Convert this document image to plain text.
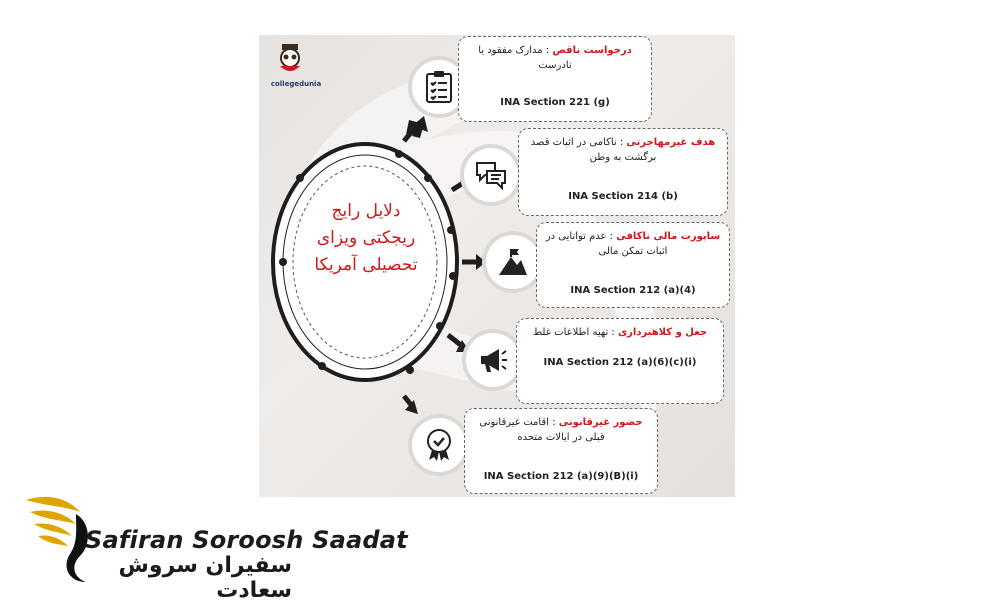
collegedunia
دلایل رایج
ریجکتی ویزای
تحصیلی آمریکا
درخواست ناقص : مدارک مفقود یا نادرست
INA Section 221 (g)
هدف غیرمهاجرتی : ناکامی در اثبات قصد برگشت به وطن
INA Section 214 (b)
ساپورت مالی ناکافی : عدم توانایی در اثبات تمکن مالی
INA Section 212 (a)(4)
جعل و کلاهبرداری : تهیه اطلاعات غلط
INA Section 212 (a)(6)(c)(i)
حضور غیرقانونی : اقامت غیرقانونی قبلی در ایالات متحده
INA Section 212 (a)(9)(B)(i)
Safiran Soroosh Saadat
سفیران سروش سعادت
